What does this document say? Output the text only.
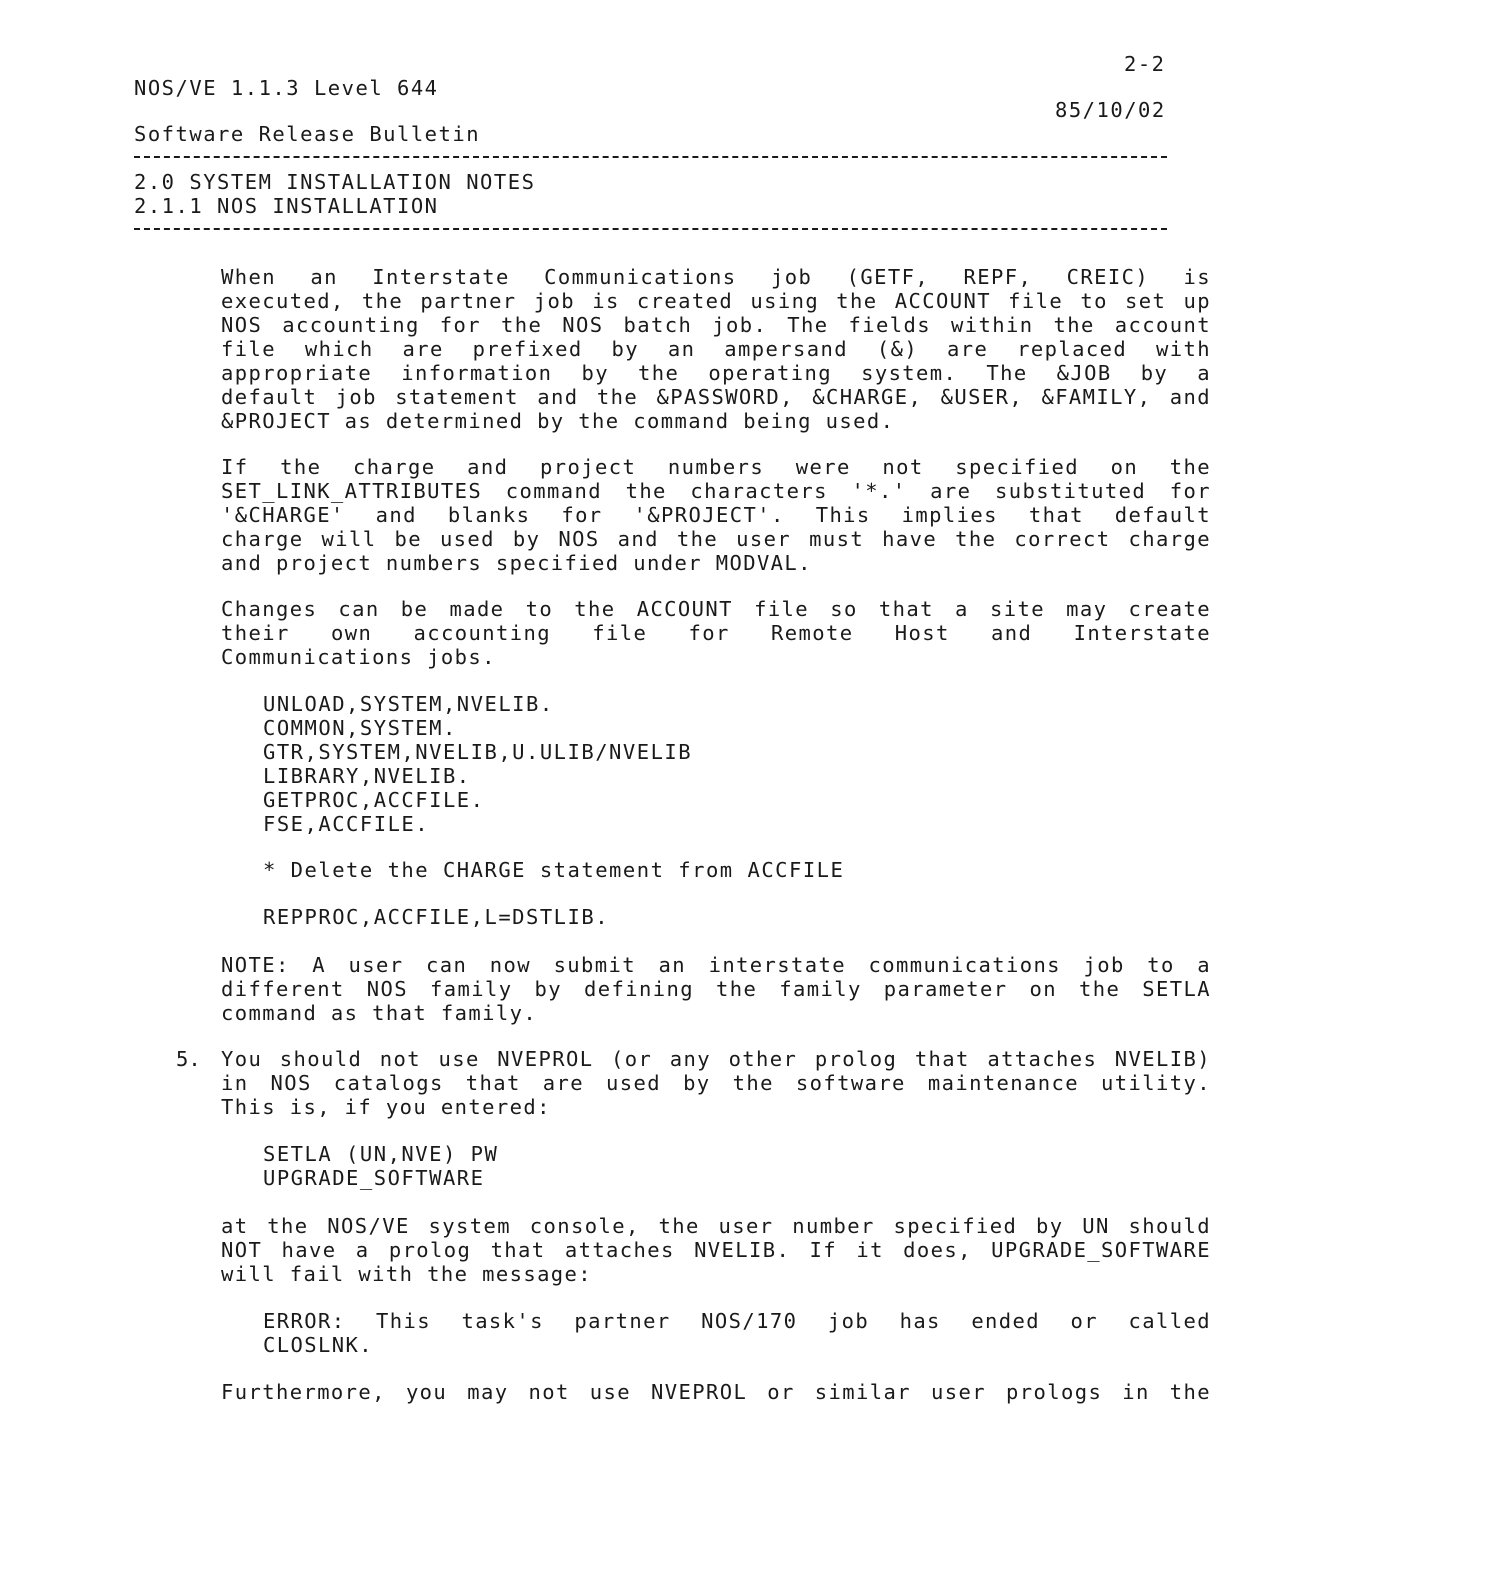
2-2
NOS/VE 1.1.3 Level 644
85/10/02
Software Release Bulletin
2.0 SYSTEM INSTALLATION NOTES
2.1.1 NOS INSTALLATION

When an Interstate Communications job (GETF, REPF, CREIC) is

executed, the partner job is created using the ACCOUNT file to set up

NOS accounting for the NOS batch job. The fields within the account

file which are prefixed by an ampersand (&) are replaced with

appropriate information by the operating system. The &JOB by a

default job statement and the &PASSWORD, &CHARGE, &USER, &FAMILY, and

&PROJECT as determined by the command being used.

If the charge and project numbers were not specified on the

SET_LINK_ATTRIBUTES command the characters '*.' are substituted for

'&CHARGE' and blanks for '&PROJECT'. This implies that default

charge will be used by NOS and the user must have the correct charge

and project numbers specified under MODVAL.

Changes can be made to the ACCOUNT file so that a site may create

their own accounting file for Remote Host and Interstate

Communications jobs.

UNLOAD,SYSTEM,NVELIB.
COMMON,SYSTEM.
GTR,SYSTEM,NVELIB,U.ULIB/NVELIB
LIBRARY,NVELIB.
GETPROC,ACCFILE.
FSE,ACCFILE.
* Delete the CHARGE statement from ACCFILE
REPPROC,ACCFILE,L=DSTLIB.

NOTE: A user can now submit an interstate communications job to a

different NOS family by defining the family parameter on the SETLA

command as that family.

5. You should not use NVEPROL (or any other prolog that attaches NVELIB)

in NOS catalogs that are used by the software maintenance utility.

This is, if you entered:

SETLA (UN,NVE) PW
UPGRADE_SOFTWARE

at the NOS/VE system console, the user number specified by UN should

NOT have a prolog that attaches NVELIB. If it does, UPGRADE_SOFTWARE

will fail with the message:

ERROR: This task's partner NOS/170 job has ended or called

CLOSLNK.

Furthermore, you may not use NVEPROL or similar user prologs in the
